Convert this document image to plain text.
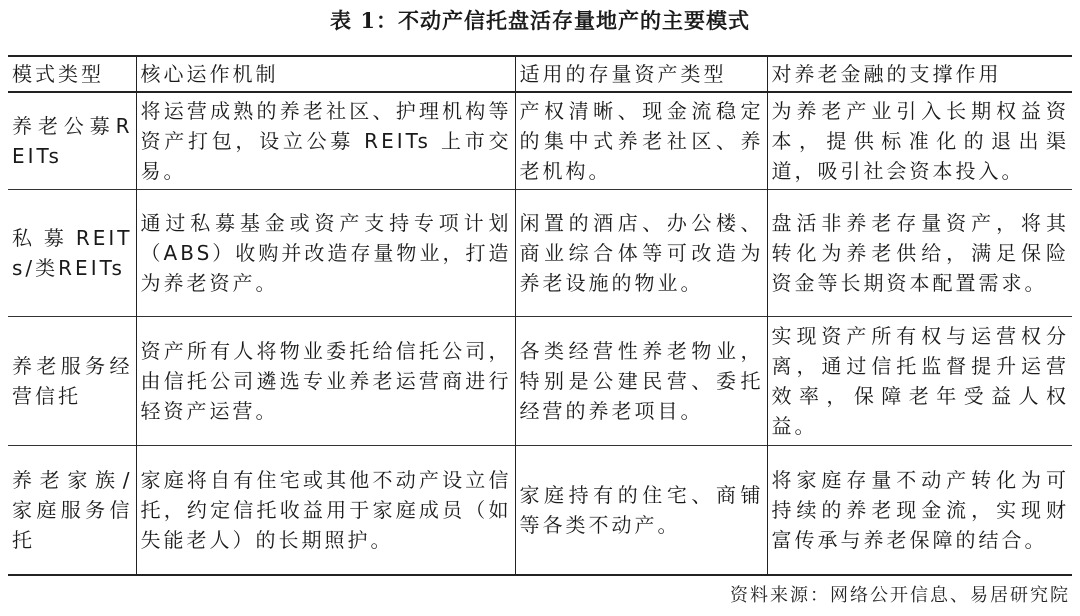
表 1：不动产信托盘活存量地产的主要模式
模式类型	核心运作机制	适用的存量资产类型	对养老金融的支撑作用
养老公募REITs	将运营成熟的养老社区、护理机构等资产打包，设立公募 REITs 上市交易。	产权清晰、现金流稳定的集中式养老社区、养老机构。	为养老产业引入长期权益资本，提供标准化的退出渠道，吸引社会资本投入。
私募REITs/类REITs	通过私募基金或资产支持专项计划（ABS）收购并改造存量物业，打造为养老资产。	闲置的酒店、办公楼、商业综合体等可改造为养老设施的物业。	盘活非养老存量资产，将其转化为养老供给，满足保险资金等长期资本配置需求。
养老服务经营信托	资产所有人将物业委托给信托公司，由信托公司遴选专业养老运营商进行轻资产运营。	各类经营性养老物业，特别是公建民营、委托经营的养老项目。	实现资产所有权与运营权分离，通过信托监督提升运营效率，保障老年受益人权益。
养老家族/家庭服务信托	家庭将自有住宅或其他不动产设立信托，约定信托收益用于家庭成员（如失能老人）的长期照护。	家庭持有的住宅、商铺等各类不动产。	将家庭存量不动产转化为可持续的养老现金流，实现财富传承与养老保障的结合。
资料来源：网络公开信息、易居研究院
